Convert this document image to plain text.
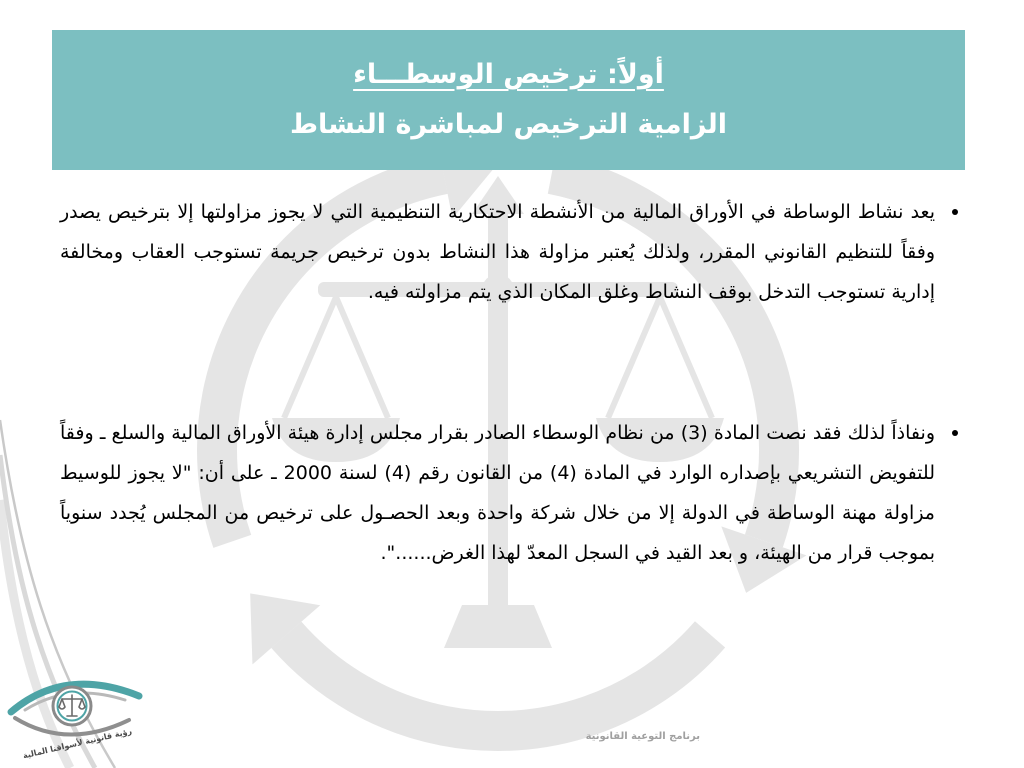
أولاً: ترخيص الوسطـــاء
الزامية الترخيص لمباشرة النشاط

يعد نشاط الوساطة في الأوراق المالية من الأنشطة الاحتكارية التنظيمية التي لا يجوز مزاولتها إلا بترخيص يصدر وفقاً للتنظيم القانوني المقرر، ولذلك يُعتبر مزاولة هذا النشاط بدون ترخيص جريمة تستوجب العقاب ومخالفة إدارية تستوجب التدخل بوقف النشاط وغلق المكان الذي يتم مزاولته فيه.

ونفاذاً لذلك فقد نصت المادة (3) من نظام الوسطاء الصادر بقرار مجلس إدارة هيئة الأوراق المالية والسلع ـ وفقاً للتفويض التشريعي بإصداره الوارد في المادة (4) من القانون رقم (4) لسنة 2000 ـ على أن: "لا يجوز للوسيط مزاولة مهنة الوساطة في الدولة إلا من خلال شركة واحدة وبعد الحصـول على ترخيص من المجلس يُجدد سنوياً بموجب قرار من الهيئة، و بعد القيد في السجل المعدّ لهذا الغرض......".

برنامج التوعية القانونية
رؤية قانونية لأسواقنا المالية
